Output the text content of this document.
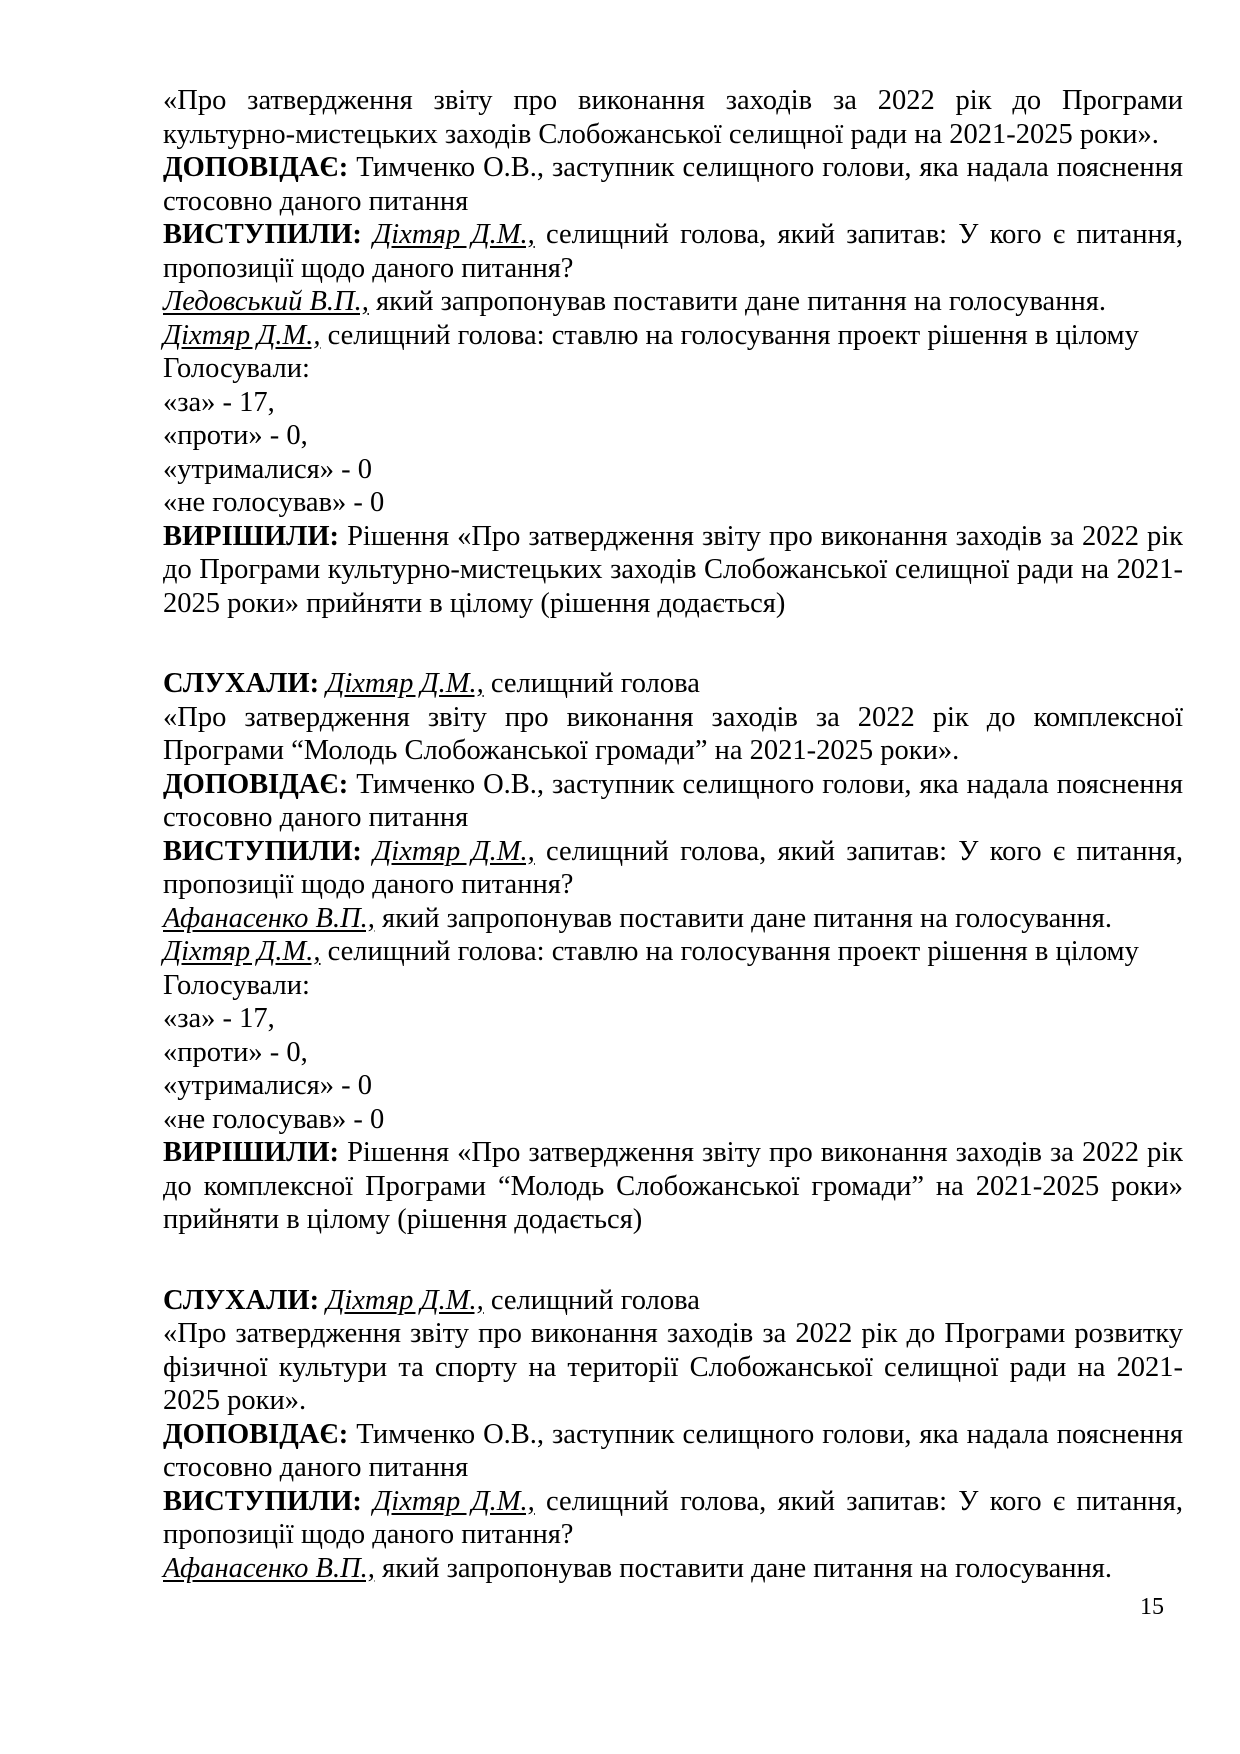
«Про затвердження звіту про виконання заходів за 2022 рік до Програми культурно-мистецьких заходів Слобожанської селищної ради на 2021-2025 роки».

ДОПОВІДАЄ: Тимченко О.В., заступник селищного голови, яка надала пояснення стосовно даного питання

ВИСТУПИЛИ: Діхтяр Д.М., селищний голова, який запитав: У кого є питання, пропозиції щодо даного питання?

Ледовський В.П., який запропонував поставити дане питання на голосування.

Діхтяр Д.М., селищний голова: ставлю на голосування проект рішення в цілому

Голосували:

«за» - 17,

«проти» - 0,

«утрималися» - 0

«не голосував» - 0

ВИРІШИЛИ: Рішення «Про затвердження звіту про виконання заходів за 2022 рік до Програми культурно-мистецьких заходів Слобожанської селищної ради на 2021-2025 роки» прийняти в цілому (рішення додається)

СЛУХАЛИ: Діхтяр Д.М., селищний голова

«Про затвердження звіту про виконання заходів за 2022 рік до комплексної Програми “Молодь Слобожанської громади” на 2021-2025 роки».

ДОПОВІДАЄ: Тимченко О.В., заступник селищного голови, яка надала пояснення стосовно даного питання

ВИСТУПИЛИ: Діхтяр Д.М., селищний голова, який запитав: У кого є питання, пропозиції щодо даного питання?

Афанасенко В.П., який запропонував поставити дане питання на голосування.

Діхтяр Д.М., селищний голова: ставлю на голосування проект рішення в цілому

Голосували:

«за» - 17,

«проти» - 0,

«утрималися» - 0

«не голосував» - 0

ВИРІШИЛИ: Рішення «Про затвердження звіту про виконання заходів за 2022 рік до комплексної Програми “Молодь Слобожанської громади” на 2021-2025 роки» прийняти в цілому (рішення додається)

СЛУХАЛИ: Діхтяр Д.М., селищний голова

«Про затвердження звіту про виконання заходів за 2022 рік до Програми розвитку фізичної культури та спорту на території Слобожанської селищної ради на 2021-2025 роки».

ДОПОВІДАЄ: Тимченко О.В., заступник селищного голови, яка надала пояснення стосовно даного питання

ВИСТУПИЛИ: Діхтяр Д.М., селищний голова, який запитав: У кого є питання, пропозиції щодо даного питання?

Афанасенко В.П., який запропонував поставити дане питання на голосування.

15
